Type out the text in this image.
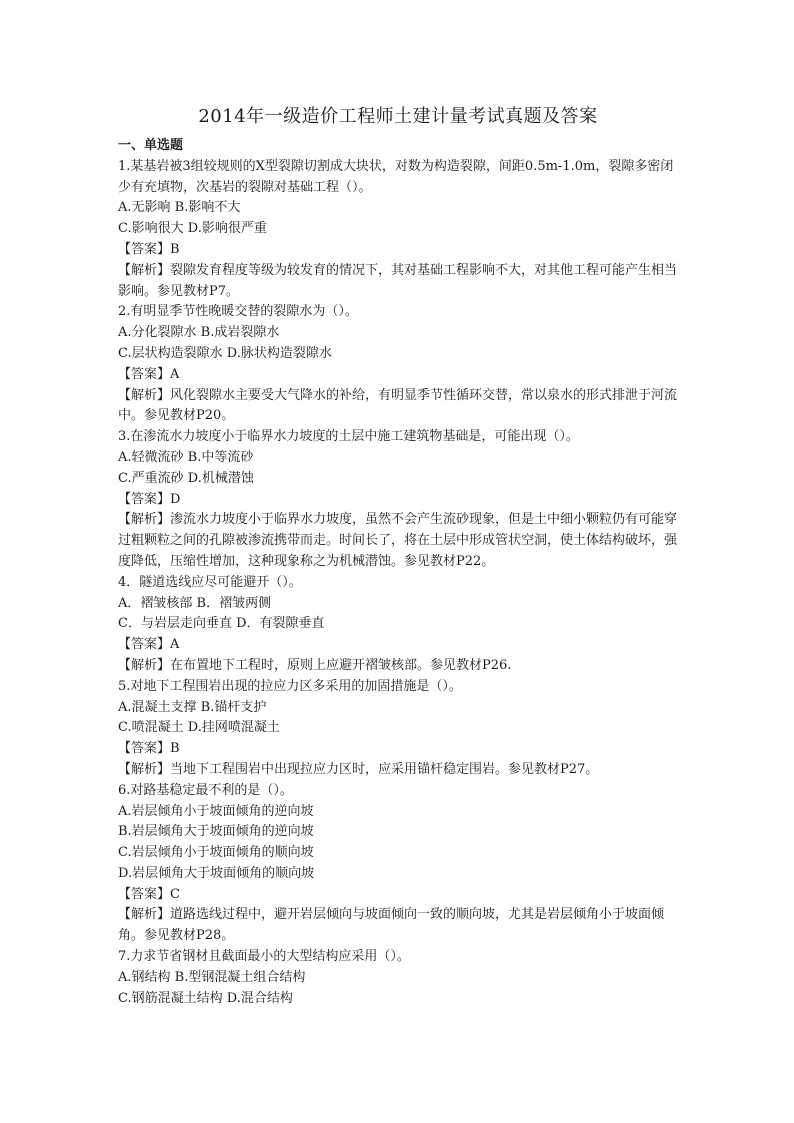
2014年一级造价工程师土建计量考试真题及答案
一、单选题
1.某基岩被3组较规则的X型裂隙切割成大块状，对数为构造裂隙，间距0.5m-1.0m，裂隙多密闭少有充填物，次基岩的裂隙对基础工程（）。
A.无影响 B.影响不大
C.影响很大 D.影响很严重
【答案】B
【解析】裂隙发育程度等级为较发育的情况下，其对基础工程影响不大，对其他工程可能产生相当影响。参见教材P7。
2.有明显季节性晚暖交替的裂隙水为（）。
A.分化裂隙水 B.成岩裂隙水
C.层状构造裂隙水 D.脉状构造裂隙水
【答案】A
【解析】风化裂隙水主要受大气降水的补给，有明显季节性循环交替，常以泉水的形式排泄于河流中。参见教材P20。
3.在渗流水力坡度小于临界水力坡度的土层中施工建筑物基础是，可能出现（）。
A.轻微流砂 B.中等流砂
C.严重流砂 D.机械潜蚀
【答案】D
【解析】渗流水力坡度小于临界水力坡度，虽然不会产生流砂现象，但是土中细小颗粒仍有可能穿过粗颗粒之间的孔隙被渗流携带而走。时间长了，将在土层中形成管状空洞，使土体结构破坏，强度降低，压缩性增加，这种现象称之为机械潜蚀。参见教材P22。
4．隧道选线应尽可能避开（）。
A．褶皱核部 B．褶皱两侧
C．与岩层走向垂直 D．有裂隙垂直
【答案】A
【解析】在布置地下工程时，原则上应避开褶皱核部。参见教材P26.
5.对地下工程围岩出现的拉应力区多采用的加固措施是（）。
A.混凝土支撑 B.锚杆支护
C.喷混凝土 D.挂网喷混凝土
【答案】B
【解析】当地下工程围岩中出现拉应力区时，应采用锚杆稳定围岩。参见教材P27。
6.对路基稳定最不利的是（）。
A.岩层倾角小于坡面倾角的逆向坡
B.岩层倾角大于坡面倾角的逆向坡
C.岩层倾角小于坡面倾角的顺向坡
D.岩层倾角大于坡面倾角的顺向坡
【答案】C
【解析】道路选线过程中，避开岩层倾向与坡面倾向一致的顺向坡，尤其是岩层倾角小于坡面倾角。参见教材P28。
7.力求节省钢材且截面最小的大型结构应采用（）。
A.钢结构 B.型钢混凝土组合结构
C.钢筋混凝土结构 D.混合结构
